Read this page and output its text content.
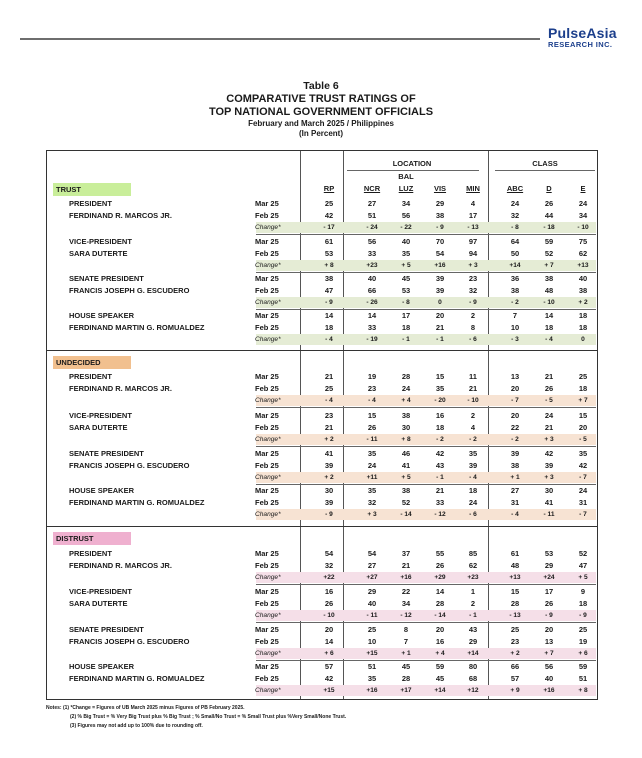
PulseAsia
RESEARCH INC.
Table 6
COMPARATIVE TRUST RATINGS OF
TOP NATIONAL GOVERNMENT OFFICIALS
February and March 2025 / Philippines
(In Percent)
LOCATION	CLASS
BAL
RP	NCR	LUZ	VIS	MIN	ABC	D	E
TRUST
PRESIDENT	Mar 25	25	27	34	29	4	24	26	24
FERDINAND R. MARCOS JR.	Feb 25	42	51	56	38	17	32	44	34
Change*	- 17	- 24	- 22	- 9	- 13	- 8	- 18	- 10
VICE-PRESIDENT	Mar 25	61	56	40	70	97	64	59	75
SARA DUTERTE	Feb 25	53	33	35	54	94	50	52	62
Change*	+ 8	+23	+ 5	+16	+ 3	+14	+ 7	+13
SENATE PRESIDENT	Mar 25	38	40	45	39	23	36	38	40
FRANCIS JOSEPH G. ESCUDERO	Feb 25	47	66	53	39	32	38	48	38
Change*	- 9	- 26	- 8	0	- 9	- 2	- 10	+ 2
HOUSE SPEAKER	Mar 25	14	14	17	20	2	7	14	18
FERDINAND MARTIN G. ROMUALDEZ	Feb 25	18	33	18	21	8	10	18	18
Change*	- 4	- 19	- 1	- 1	- 6	- 3	- 4	0
UNDECIDED
PRESIDENT	Mar 25	21	19	28	15	11	13	21	25
FERDINAND R. MARCOS JR.	Feb 25	25	23	24	35	21	20	26	18
Change*	- 4	- 4	+ 4	- 20	- 10	- 7	- 5	+ 7
VICE-PRESIDENT	Mar 25	23	15	38	16	2	20	24	15
SARA DUTERTE	Feb 25	21	26	30	18	4	22	21	20
Change*	+ 2	- 11	+ 8	- 2	- 2	- 2	+ 3	- 5
SENATE PRESIDENT	Mar 25	41	35	46	42	35	39	42	35
FRANCIS JOSEPH G. ESCUDERO	Feb 25	39	24	41	43	39	38	39	42
Change*	+ 2	+11	+ 5	- 1	- 4	+ 1	+ 3	- 7
HOUSE SPEAKER	Mar 25	30	35	38	21	18	27	30	24
FERDINAND MARTIN G. ROMUALDEZ	Feb 25	39	32	52	33	24	31	41	31
Change*	- 9	+ 3	- 14	- 12	- 6	- 4	- 11	- 7
DISTRUST
PRESIDENT	Mar 25	54	54	37	55	85	61	53	52
FERDINAND R. MARCOS JR.	Feb 25	32	27	21	26	62	48	29	47
Change*	+22	+27	+16	+29	+23	+13	+24	+ 5
VICE-PRESIDENT	Mar 25	16	29	22	14	1	15	17	9
SARA DUTERTE	Feb 25	26	40	34	28	2	28	26	18
Change*	- 10	- 11	- 12	- 14	- 1	- 13	- 9	- 9
SENATE PRESIDENT	Mar 25	20	25	8	20	43	25	20	25
FRANCIS JOSEPH G. ESCUDERO	Feb 25	14	10	7	16	29	23	13	19
Change*	+ 6	+15	+ 1	+ 4	+14	+ 2	+ 7	+ 6
HOUSE SPEAKER	Mar 25	57	51	45	59	80	66	56	59
FERDINAND MARTIN G. ROMUALDEZ	Feb 25	42	35	28	45	68	57	40	51
Change*	+15	+16	+17	+14	+12	+ 9	+16	+ 8
Notes: (1) *Change = Figures of UB March 2025 minus Figures of PB February 2025.
(2) % Big Trust = % Very Big Trust plus % Big Trust ; % Small/No Trust = % Small Trust plus %Very Small/None Trust.
(3) Figures may not add up to 100% due to rounding off.
